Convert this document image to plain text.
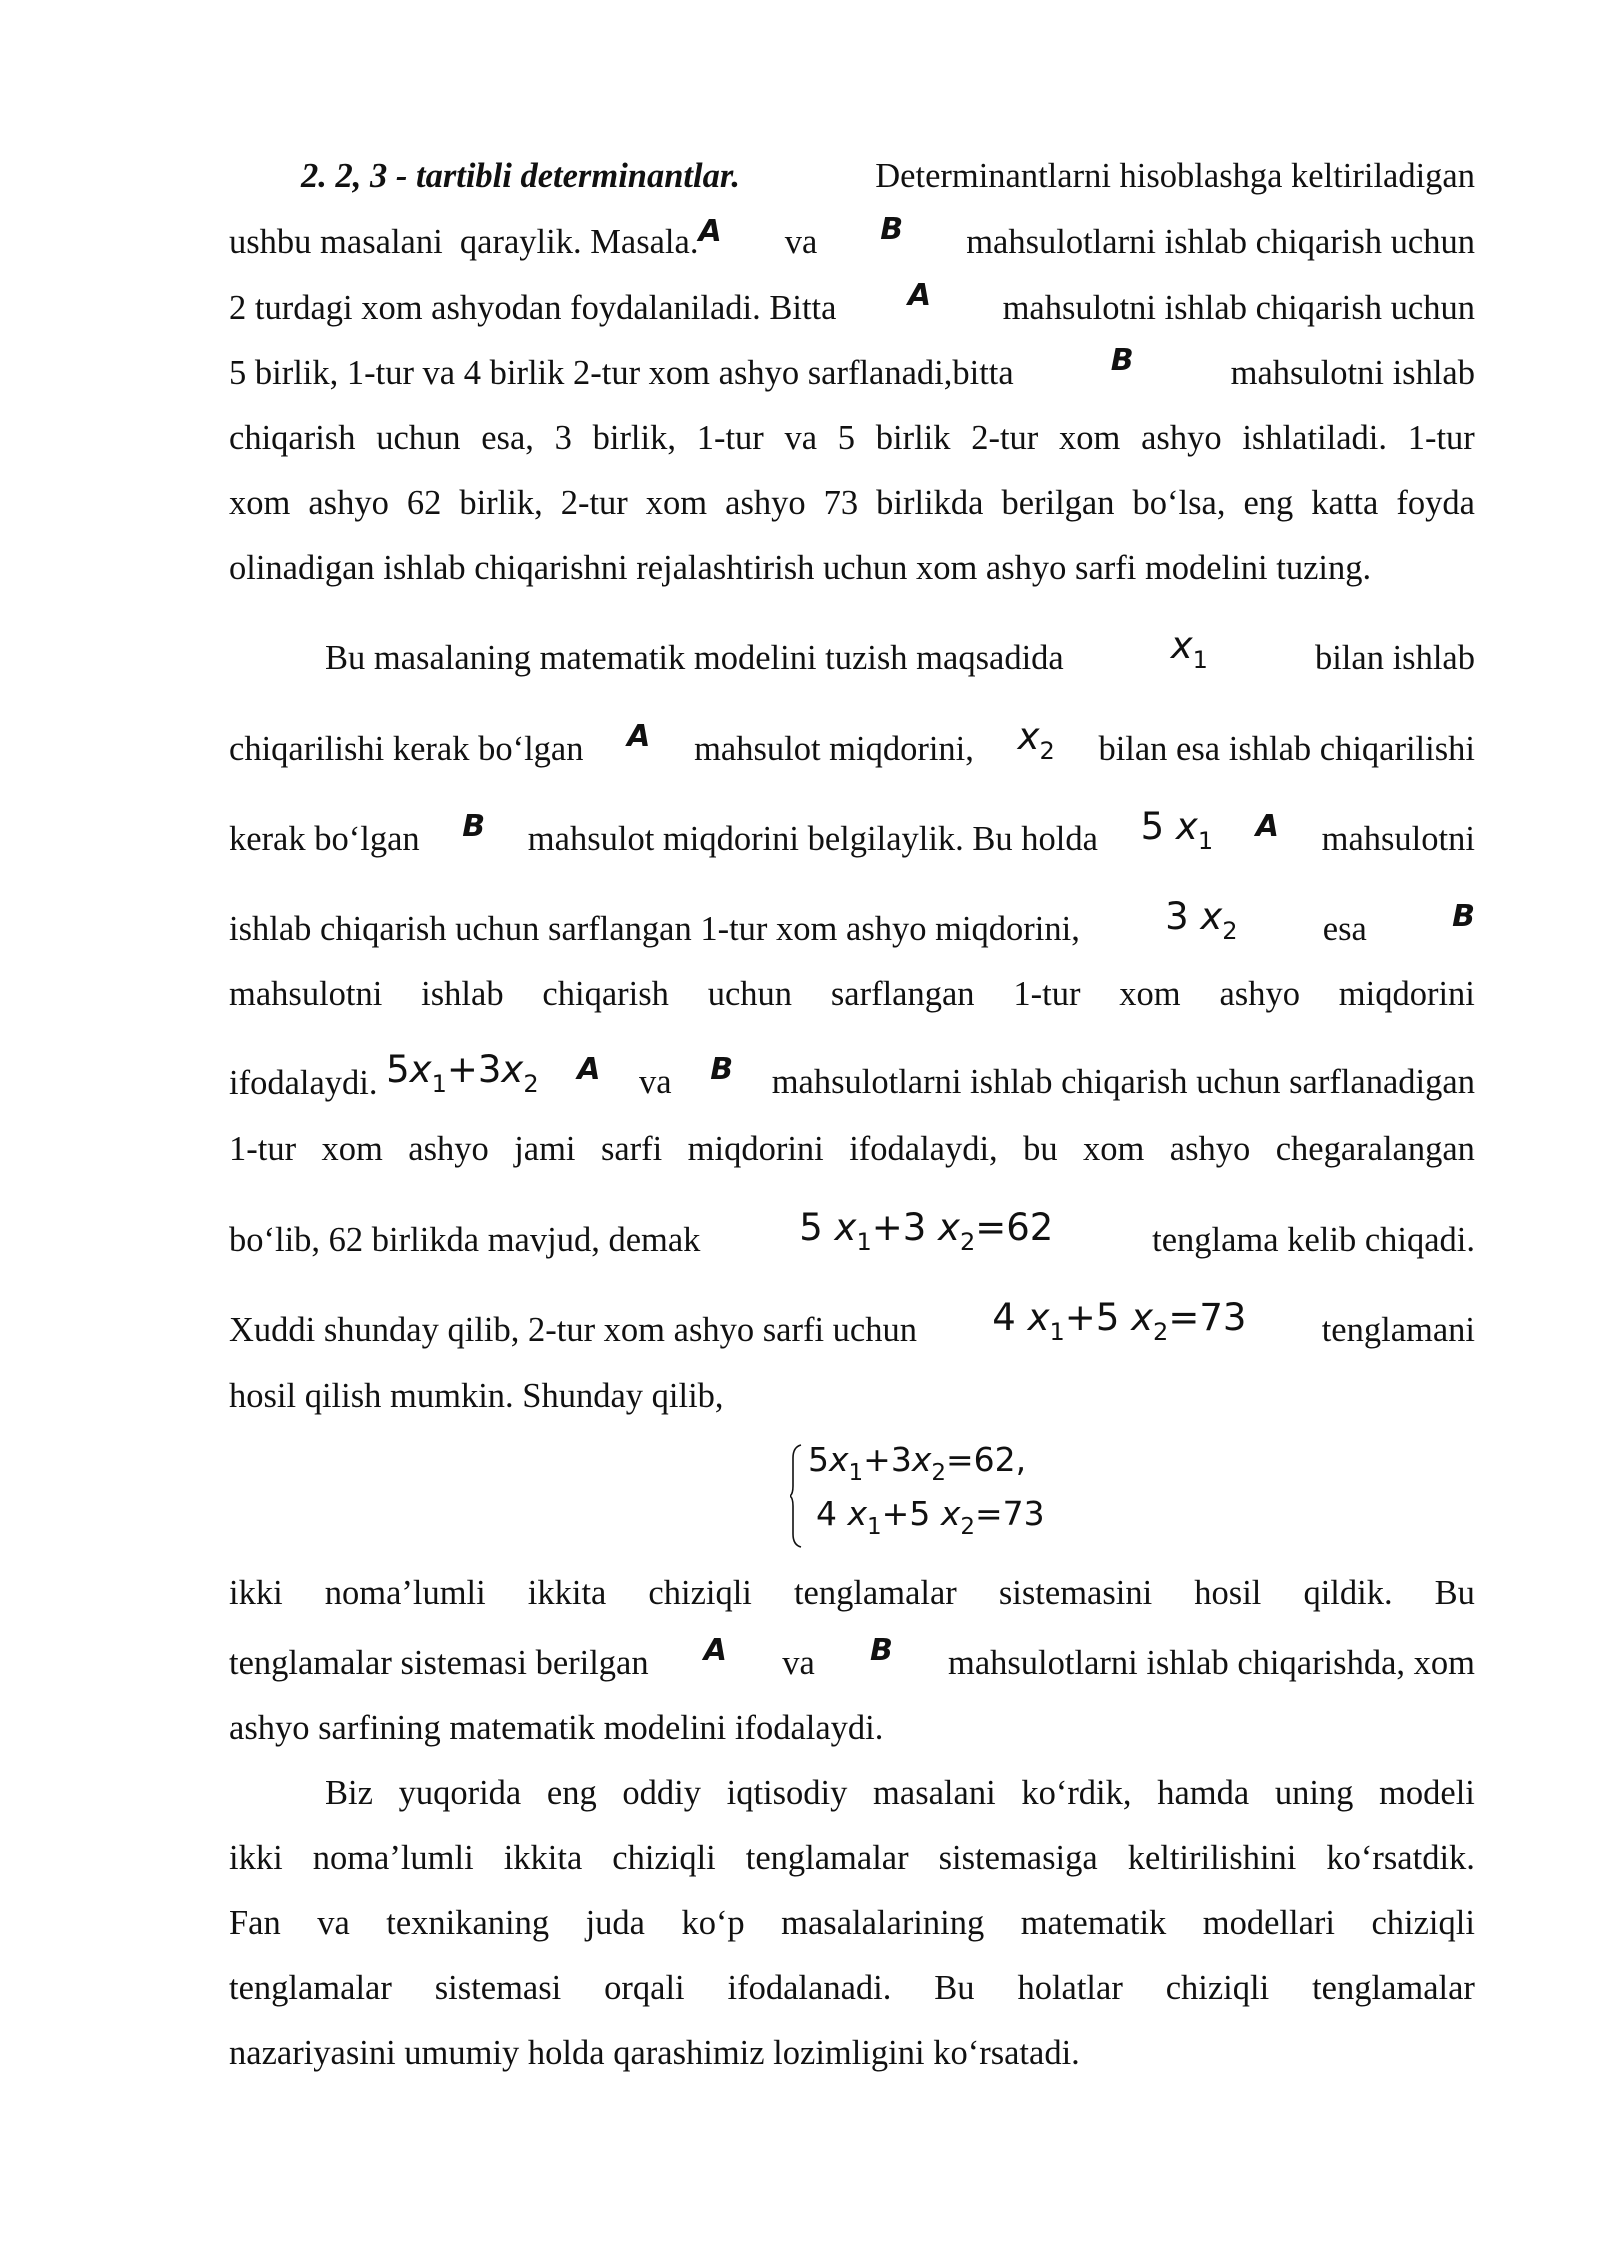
2. 2, 3 - tartibli determinantlar.	Determinantlarni hisoblashga keltiriladigan
ushbu masalani  qaraylik. Masala.A va B mahsulotlarni ishlab chiqarish uchun
2 turdagi xom ashyodan foydalaniladi. Bitta A mahsulotni ishlab chiqarish uchun
5 birlik, 1-tur va 4 birlik 2-tur xom ashyo sarflanadi,bitta	B	mahsulotni ishlab
chiqarish uchun esa, 3 birlik, 1-tur va 5 birlik 2-tur xom ashyo ishlatiladi. 1-tur
xom ashyo 62 birlik, 2-tur xom ashyo 73 birlikda berilgan bo‘lsa, eng katta foyda
olinadigan ishlab chiqarishni rejalashtirish uchun xom ashyo sarfi modelini tuzing.
Bu masalaning matematik modelini tuzish maqsadida	$x_1$	bilan ishlab
chiqarilishi kerak bo‘lgan A mahsulot miqdorini, $x_2$ bilan esa ishlab chiqarilishi
kerak bo‘lgan B mahsulot miqdorini belgilaylik. Bu holda 5 $x_1$ A mahsulotni
ishlab chiqarish uchun sarflangan 1-tur xom ashyo miqdorini, 3 $x_2$ esa	B
mahsulotni ishlab chiqarish uchun sarflangan 1-tur xom ashyo miqdorini
ifodalaydi. $5x_1+3x_2$ A va B mahsulotlarni ishlab chiqarish uchun sarflanadigan
1-tur xom ashyo jami sarfi miqdorini ifodalaydi, bu xom ashyo chegaralangan
bo‘lib, 62 birlikda mavjud, demak	5 $x_1+3$ $x_2=62$	tenglama kelib chiqadi.
Xuddi shunday qilib, 2-tur xom ashyo sarfi uchun 4 $x_1+5$ $x_2=73$ tenglamani
hosil qilish mumkin. Shunday qilib,
$5x_1+3x_2=62$,
4 $x_1+5$ $x_2=73$
ikki noma’lumli ikkita chiziqli tenglamalar sistemasini hosil qildik. Bu
tenglamalar sistemasi berilgan A va B mahsulotlarni ishlab chiqarishda, xom
ashyo sarfining matematik modelini ifodalaydi.
Biz yuqorida eng oddiy iqtisodiy masalani ko‘rdik, hamda uning modeli
ikki noma’lumli ikkita chiziqli tenglamalar sistemasiga keltirilishini ko‘rsatdik.
Fan va texnikaning juda ko‘p masalalarining matematik modellari chiziqli
tenglamalar sistemasi orqali ifodalanadi. Bu holatlar chiziqli tenglamalar
nazariyasini umumiy holda qarashimiz lozimligini ko‘rsatadi.
